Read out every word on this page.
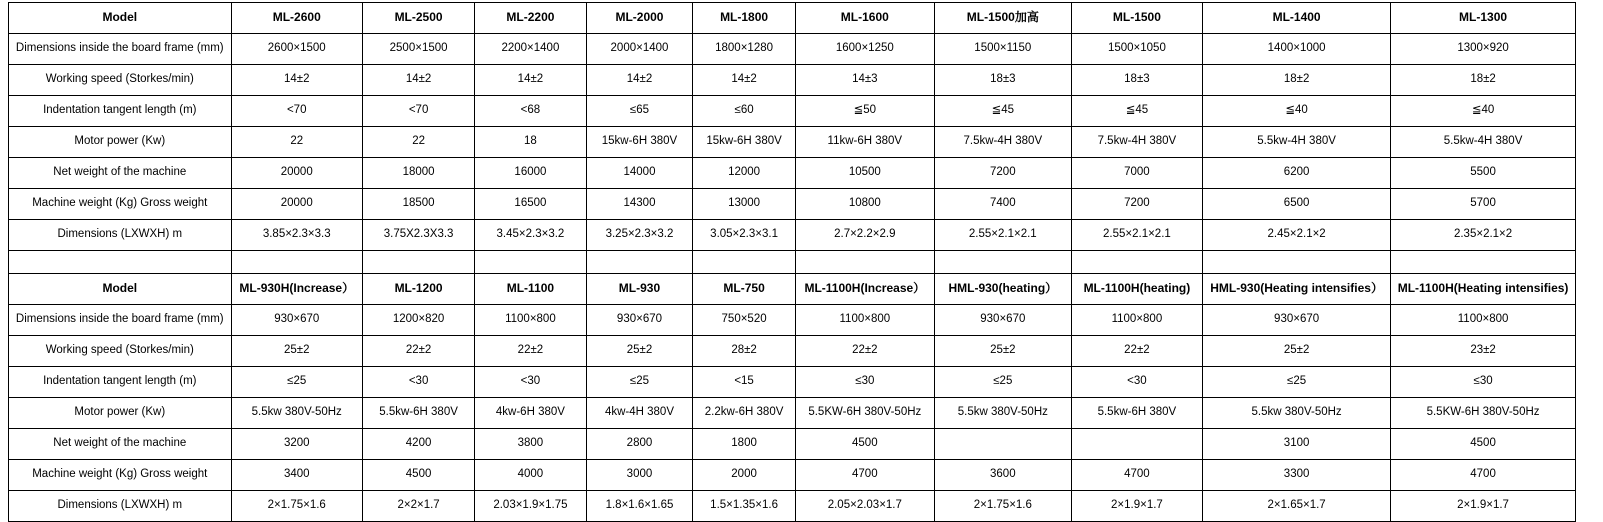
Model	ML-2600	ML-2500	ML-2200	ML-2000	ML-1800	ML-1600	ML-1500加高	ML-1500	ML-1400	ML-1300
Dimensions inside the board frame (mm)	2600×1500	2500×1500	2200×1400	2000×1400	1800×1280	1600×1250	1500×1150	1500×1050	1400×1000	1300×920
Working speed (Storkes/min)	14±2	14±2	14±2	14±2	14±2	14±3	18±3	18±3	18±2	18±2
Indentation tangent length (m)	<70	<70	<68	≤65	≤60	≦50	≦45	≦45	≦40	≦40
Motor power (Kw)	22	22	18	15kw-6H 380V	15kw-6H 380V	11kw-6H 380V	7.5kw-4H 380V	7.5kw-4H 380V	5.5kw-4H 380V	5.5kw-4H 380V
Net weight of the machine	20000	18000	16000	14000	12000	10500	7200	7000	6200	5500
Machine weight (Kg) Gross weight	20000	18500	16500	14300	13000	10800	7400	7200	6500	5700
Dimensions (LXWXH) m	3.85×2.3×3.3	3.75X2.3X3.3	3.45×2.3×3.2	3.25×2.3×3.2	3.05×2.3×3.1	2.7×2.2×2.9	2.55×2.1×2.1	2.55×2.1×2.1	2.45×2.1×2	2.35×2.1×2

Model	ML-930H(Increase）	ML-1200	ML-1100	ML-930	ML-750	ML-1100H(Increase）	HML-930(heating）	ML-1100H(heating)	HML-930(Heating intensifies）	ML-1100H(Heating intensifies)
Dimensions inside the board frame (mm)	930×670	1200×820	1100×800	930×670	750×520	1100×800	930×670	1100×800	930×670	1100×800
Working speed (Storkes/min)	25±2	22±2	22±2	25±2	28±2	22±2	25±2	22±2	25±2	23±2
Indentation tangent length (m)	≤25	<30	<30	≤25	<15	≤30	≤25	<30	≤25	≤30
Motor power (Kw)	5.5kw 380V-50Hz	5.5kw-6H 380V	4kw-6H 380V	4kw-4H 380V	2.2kw-6H 380V	5.5KW-6H 380V-50Hz	5.5kw 380V-50Hz	5.5kw-6H 380V	5.5kw 380V-50Hz	5.5KW-6H 380V-50Hz
Net weight of the machine	3200	4200	3800	2800	1800	4500			3100	4500
Machine weight (Kg) Gross weight	3400	4500	4000	3000	2000	4700	3600	4700	3300	4700
Dimensions (LXWXH) m	2×1.75×1.6	2×2×1.7	2.03×1.9×1.75	1.8×1.6×1.65	1.5×1.35×1.6	2.05×2.03×1.7	2×1.75×1.6	2×1.9×1.7	2×1.65×1.7	2×1.9×1.7
